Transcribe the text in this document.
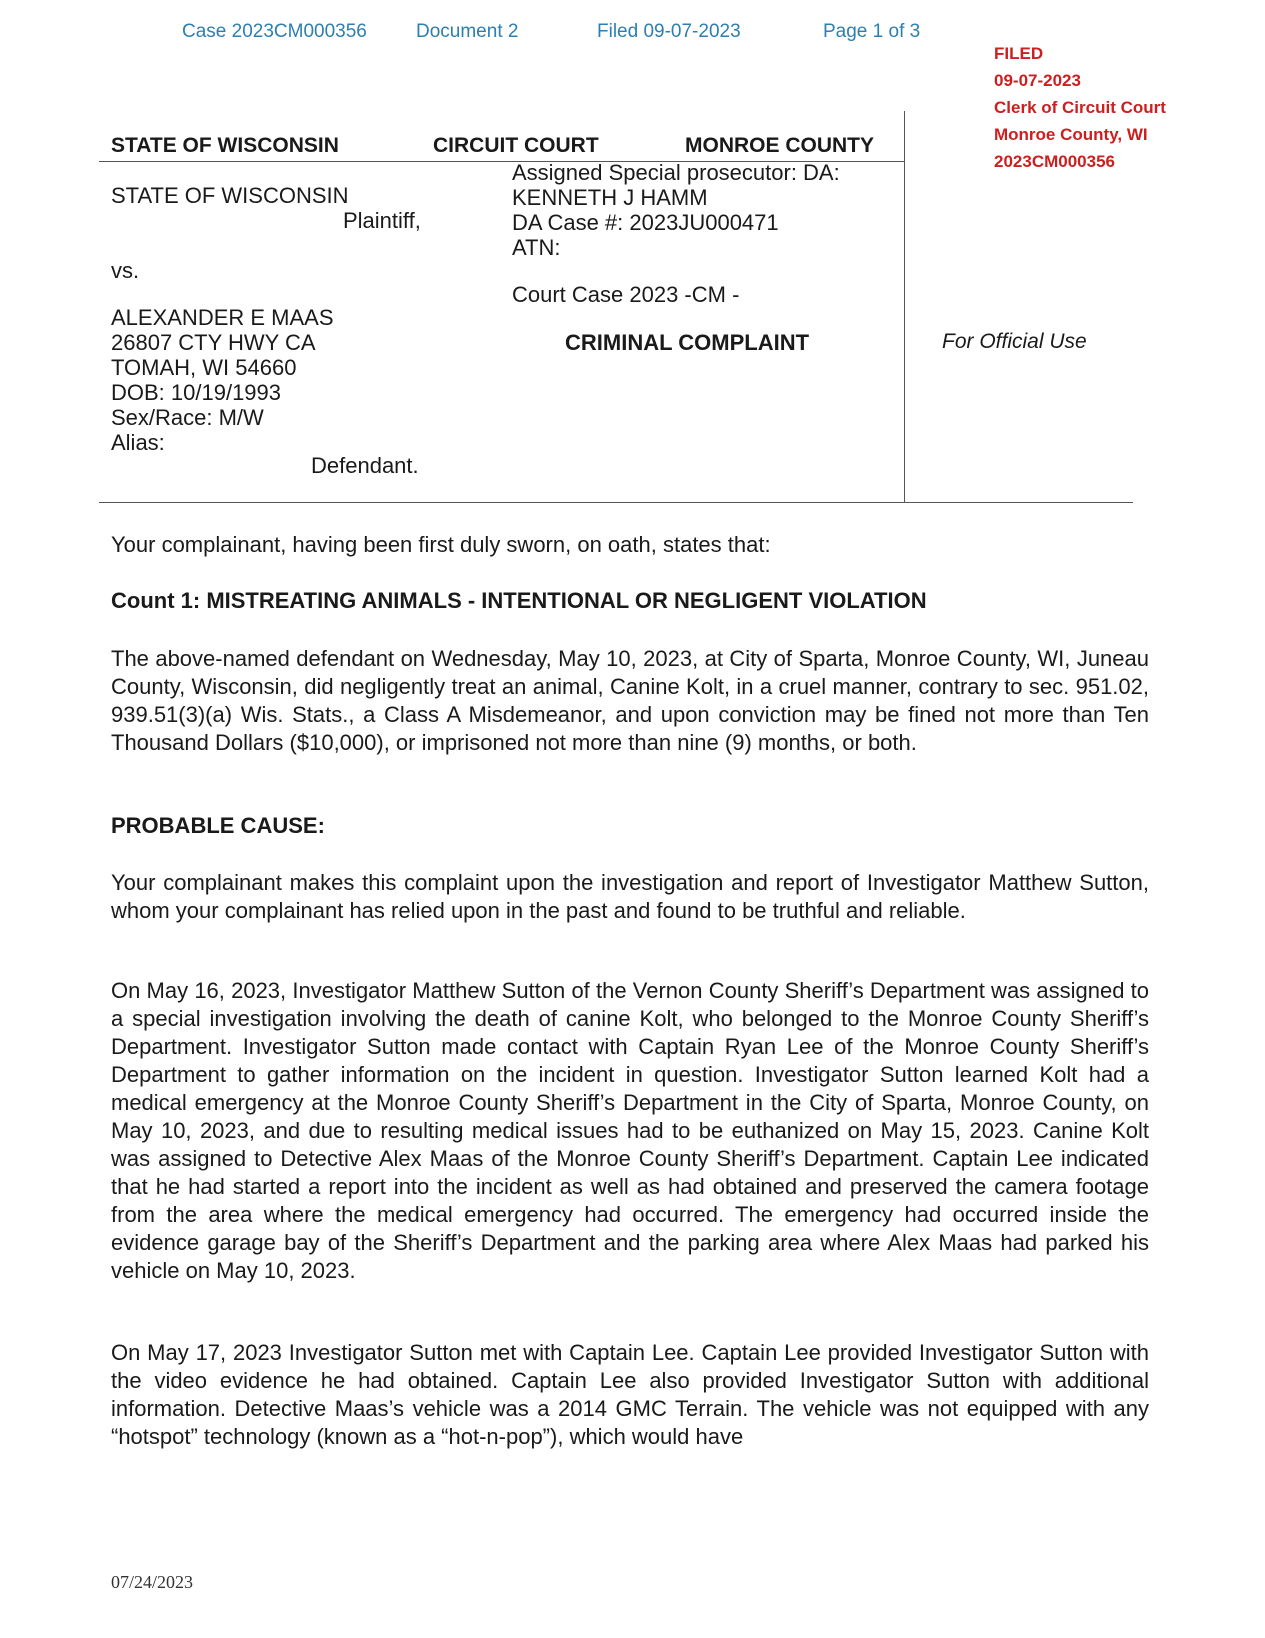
Case 2023CM000356	Document 2	Filed 09-07-2023	Page 1 of 3
FILED
09-07-2023
Clerk of Circuit Court
Monroe County, WI
2023CM000356
STATE OF WISCONSIN	CIRCUIT COURT	MONROE COUNTY
STATE OF WISCONSIN
Plaintiff,
vs.
ALEXANDER E MAAS
26807 CTY HWY CA
TOMAH, WI 54660
DOB: 10/19/1993
Sex/Race: M/W
Alias:
Defendant.
Assigned Special prosecutor: DA:
KENNETH J HAMM
DA Case #: 2023JU000471
ATN:
Court Case 2023 -CM -
CRIMINAL COMPLAINT	For Official Use
Your complainant, having been first duly sworn, on oath, states that:
Count 1: MISTREATING ANIMALS - INTENTIONAL OR NEGLIGENT VIOLATION
The above-named defendant on Wednesday, May 10, 2023, at City of Sparta, Monroe County, WI, Juneau County, Wisconsin, did negligently treat an animal, Canine Kolt, in a cruel manner, contrary to sec. 951.02, 939.51(3)(a) Wis. Stats., a Class A Misdemeanor, and upon conviction may be fined not more than Ten Thousand Dollars ($10,000), or imprisoned not more than nine (9) months, or both.
PROBABLE CAUSE:
Your complainant makes this complaint upon the investigation and report of Investigator Matthew Sutton, whom your complainant has relied upon in the past and found to be truthful and reliable.
On May 16, 2023, Investigator Matthew Sutton of the Vernon County Sheriff’s Department was assigned to a special investigation involving the death of canine Kolt, who belonged to the Monroe County Sheriff’s Department. Investigator Sutton made contact with Captain Ryan Lee of the Monroe County Sheriff’s Department to gather information on the incident in question. Investigator Sutton learned Kolt had a medical emergency at the Monroe County Sheriff’s Department in the City of Sparta, Monroe County, on May 10, 2023, and due to resulting medical issues had to be euthanized on May 15, 2023. Canine Kolt was assigned to Detective Alex Maas of the Monroe County Sheriff’s Department. Captain Lee indicated that he had started a report into the incident as well as had obtained and preserved the camera footage from the area where the medical emergency had occurred. The emergency had occurred inside the evidence garage bay of the Sheriff’s Department and the parking area where Alex Maas had parked his vehicle on May 10, 2023.
On May 17, 2023 Investigator Sutton met with Captain Lee. Captain Lee provided Investigator Sutton with the video evidence he had obtained. Captain Lee also provided Investigator Sutton with additional information. Detective Maas’s vehicle was a 2014 GMC Terrain. The vehicle was not equipped with any “hotspot” technology (known as a “hot-n-pop”), which would have
07/24/2023
